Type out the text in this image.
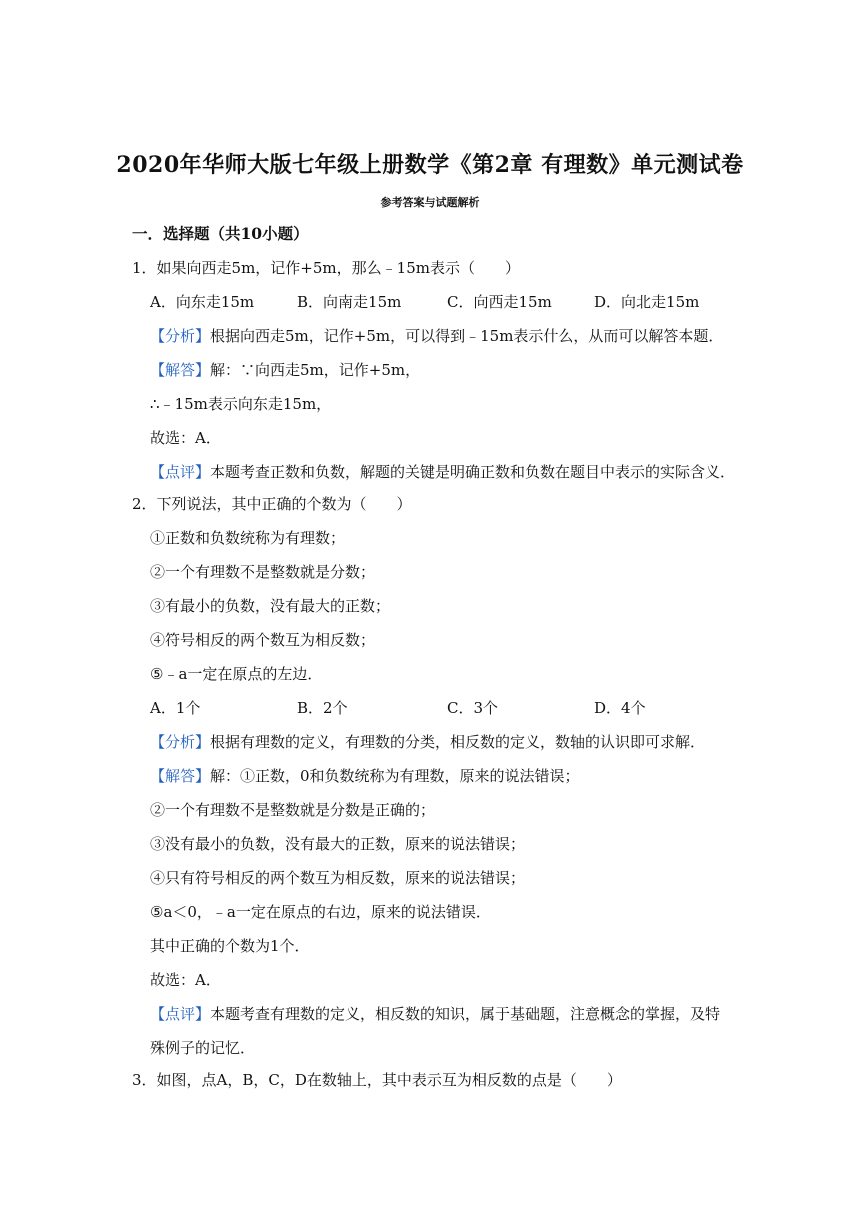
2020年华师大版七年级上册数学《第2章 有理数》单元测试卷
参考答案与试题解析
一．选择题（共10小题）
1．如果向西走5m，记作+5m，那么﹣15m表示（　　）
A．向东走15m	B．向南走15m	C．向西走15m	D．向北走15m
【分析】根据向西走5m，记作+5m，可以得到﹣15m表示什么，从而可以解答本题．
【解答】解：∵向西走5m，记作+5m，
∴﹣15m表示向东走15m，
故选：A．
【点评】本题考查正数和负数，解题的关键是明确正数和负数在题目中表示的实际含义．
2．下列说法，其中正确的个数为（　　）
①正数和负数统称为有理数；
②一个有理数不是整数就是分数；
③有最小的负数，没有最大的正数；
④符号相反的两个数互为相反数；
⑤﹣a一定在原点的左边．
A．1个	B．2个	C．3个	D．4个
【分析】根据有理数的定义，有理数的分类，相反数的定义，数轴的认识即可求解．
【解答】解：①正数，0和负数统称为有理数，原来的说法错误；
②一个有理数不是整数就是分数是正确的；
③没有最小的负数，没有最大的正数，原来的说法错误；
④只有符号相反的两个数互为相反数，原来的说法错误；
⑤a＜0，﹣a一定在原点的右边，原来的说法错误．
其中正确的个数为1个．
故选：A．
【点评】本题考查有理数的定义，相反数的知识，属于基础题，注意概念的掌握，及特
殊例子的记忆．
3．如图，点A，B，C，D在数轴上，其中表示互为相反数的点是（　　）
